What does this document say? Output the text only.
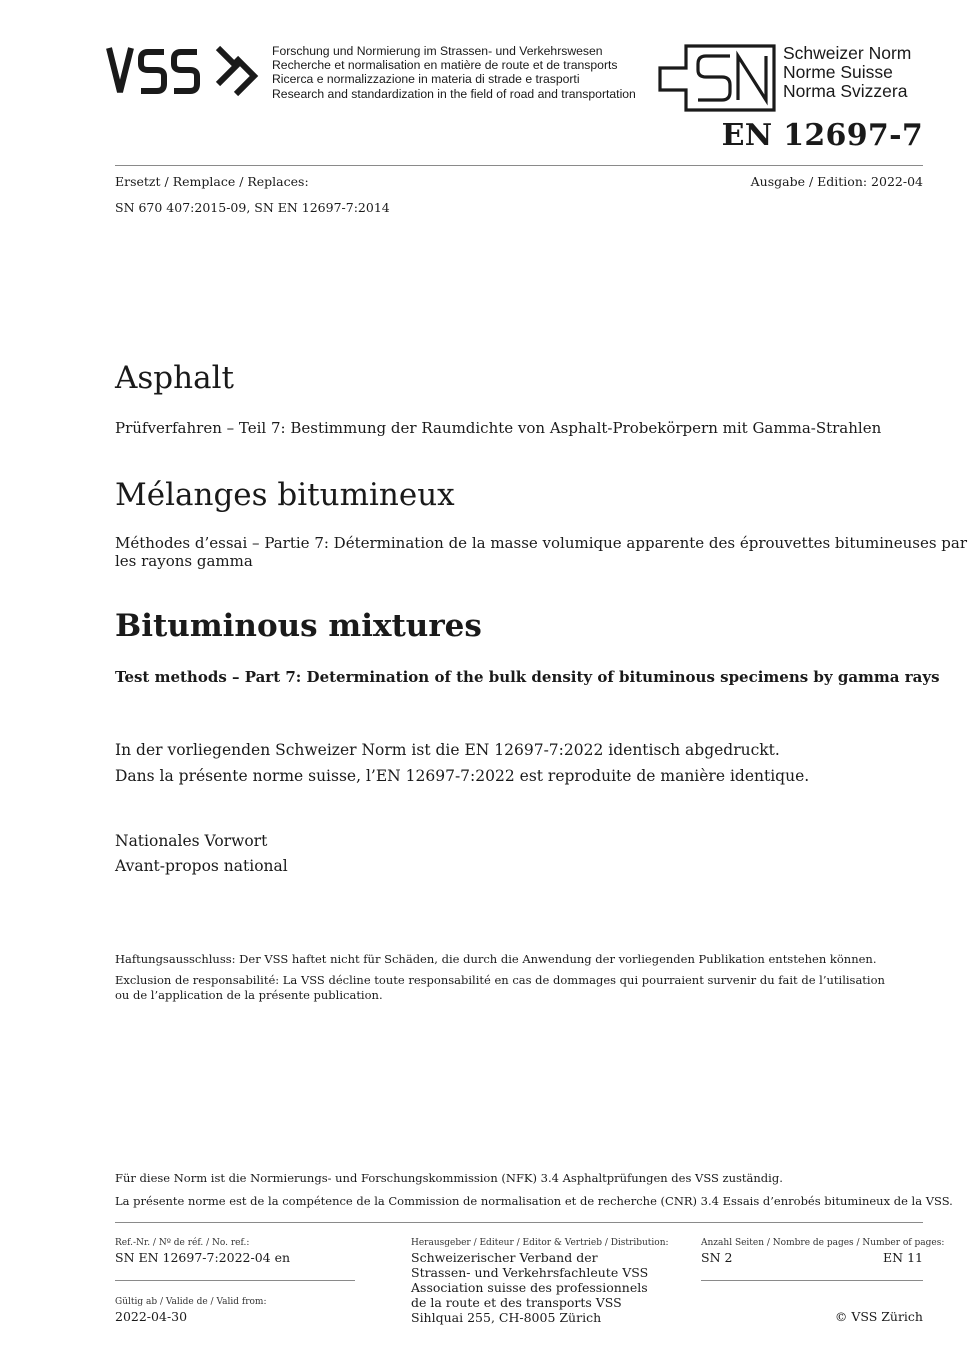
Forschung und Normierung im Strassen- und Verkehrswesen
Recherche et normalisation en matière de route et de transports
Ricerca e normalizzazione in materia di strade e trasporti
Research and standardization in the field of road and transportation
Schweizer Norm
Norme Suisse
Norma Svizzera
EN 12697-7
Ersetzt / Remplace / Replaces:	Ausgabe / Edition: 2022-04
SN 670 407:2015-09, SN EN 12697-7:2014
Asphalt
Prüfverfahren – Teil 7: Bestimmung der Raumdichte von Asphalt-Probekörpern mit Gamma-Strahlen
Mélanges bitumineux
Méthodes d’essai – Partie 7: Détermination de la masse volumique apparente des éprouvettes bitumineuses par
les rayons gamma
Bituminous mixtures
Test methods – Part 7: Determination of the bulk density of bituminous specimens by gamma rays
In der vorliegenden Schweizer Norm ist die EN 12697-7:2022 identisch abgedruckt.
Dans la présente norme suisse, l’EN 12697-7:2022 est reproduite de manière identique.
Nationales Vorwort
Avant-propos national
Haftungsausschluss: Der VSS haftet nicht für Schäden, die durch die Anwendung der vorliegenden Publikation entstehen können.
Exclusion de responsabilité: La VSS décline toute responsabilité en cas de dommages qui pourraient survenir du fait de l’utilisation
ou de l’application de la présente publication.
Für diese Norm ist die Normierungs- und Forschungskommission (NFK) 3.4 Asphaltprüfungen des VSS zuständig.
La présente norme est de la compétence de la Commission de normalisation et de recherche (CNR) 3.4 Essais d’enrobés bitumineux de la VSS.
Ref.-Nr. / Nº de réf. / No. ref.:
SN EN 12697-7:2022-04 en
Gültig ab / Valide de / Valid from:
2022-04-30
Herausgeber / Editeur / Editor & Vertrieb / Distribution:
Schweizerischer Verband der
Strassen- und Verkehrsfachleute VSS
Association suisse des professionnels
de la route et des transports VSS
Sihlquai 255, CH-8005 Zürich
Anzahl Seiten / Nombre de pages / Number of pages:
SN 2	EN 11
© VSS Zürich
